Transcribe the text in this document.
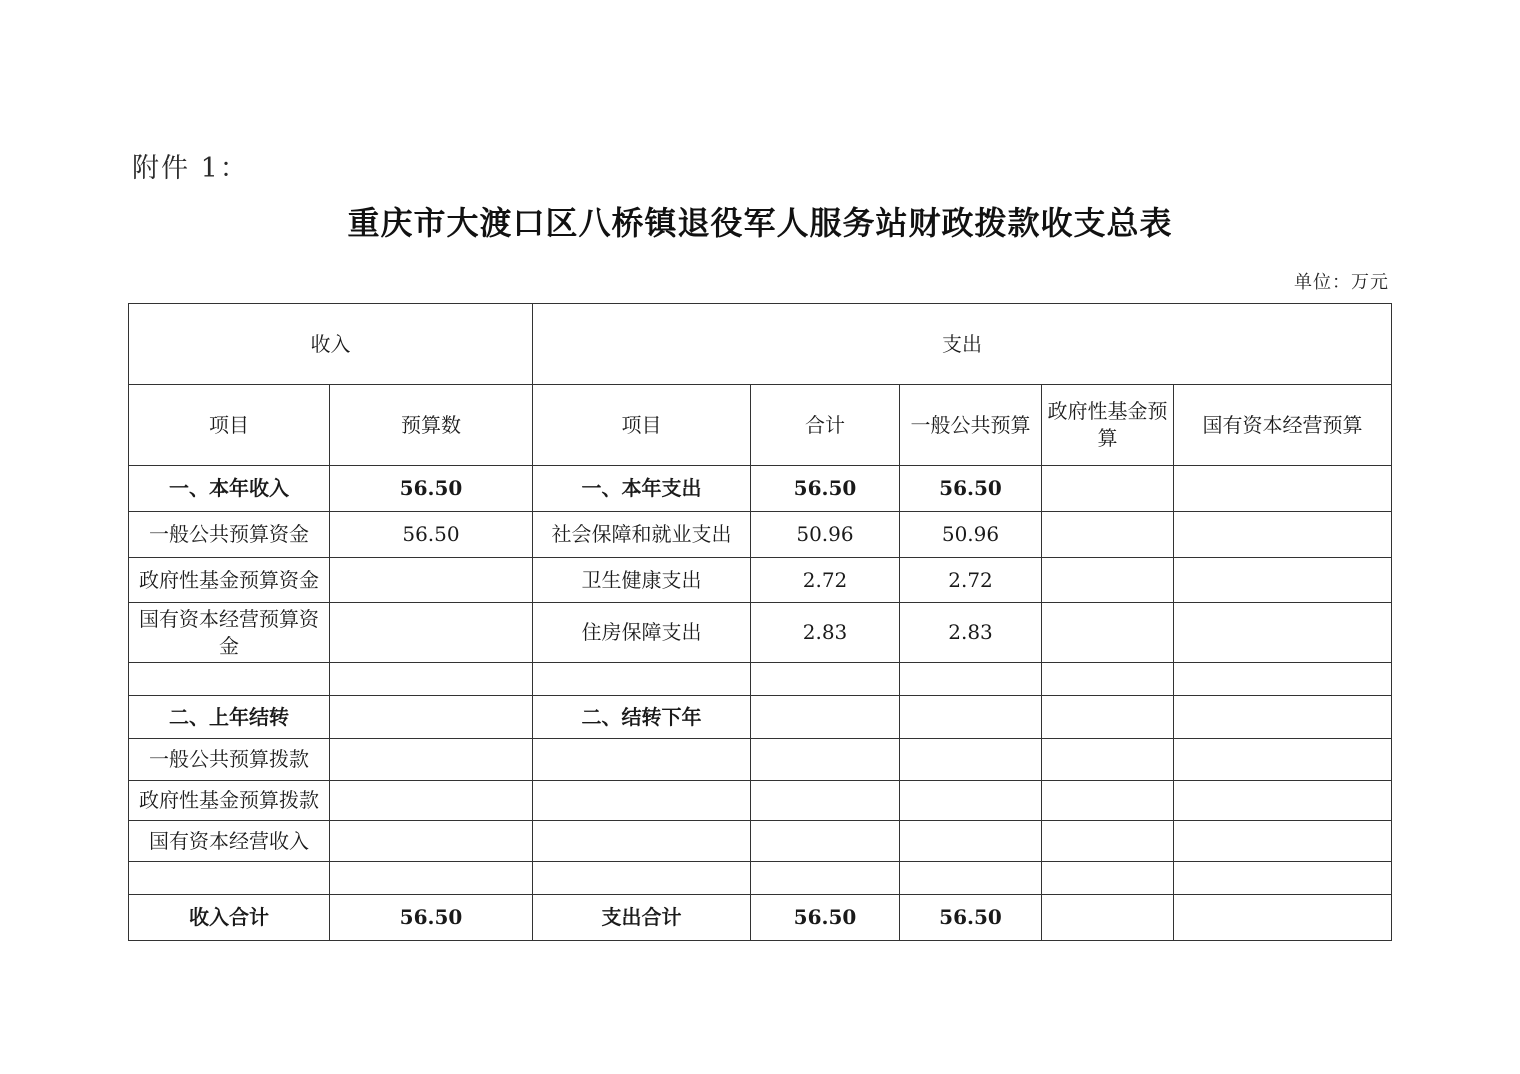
附件 1：
重庆市大渡口区八桥镇退役军人服务站财政拨款收支总表
单位：万元
收入		支出				
项目	预算数	项目	合计	一般公共预算	政府性基金预算	国有资本经营预算
一、本年收入	56.50	一、本年支出	56.50	56.50		
一般公共预算资金	56.50	社会保障和就业支出	50.96	50.96		
政府性基金预算资金		卫生健康支出	2.72	2.72		
国有资本经营预算资金		住房保障支出	2.83	2.83		

二、上年结转		二、结转下年				
一般公共预算拨款						
政府性基金预算拨款						
国有资本经营收入						

收入合计	56.50	支出合计	56.50	56.50		
